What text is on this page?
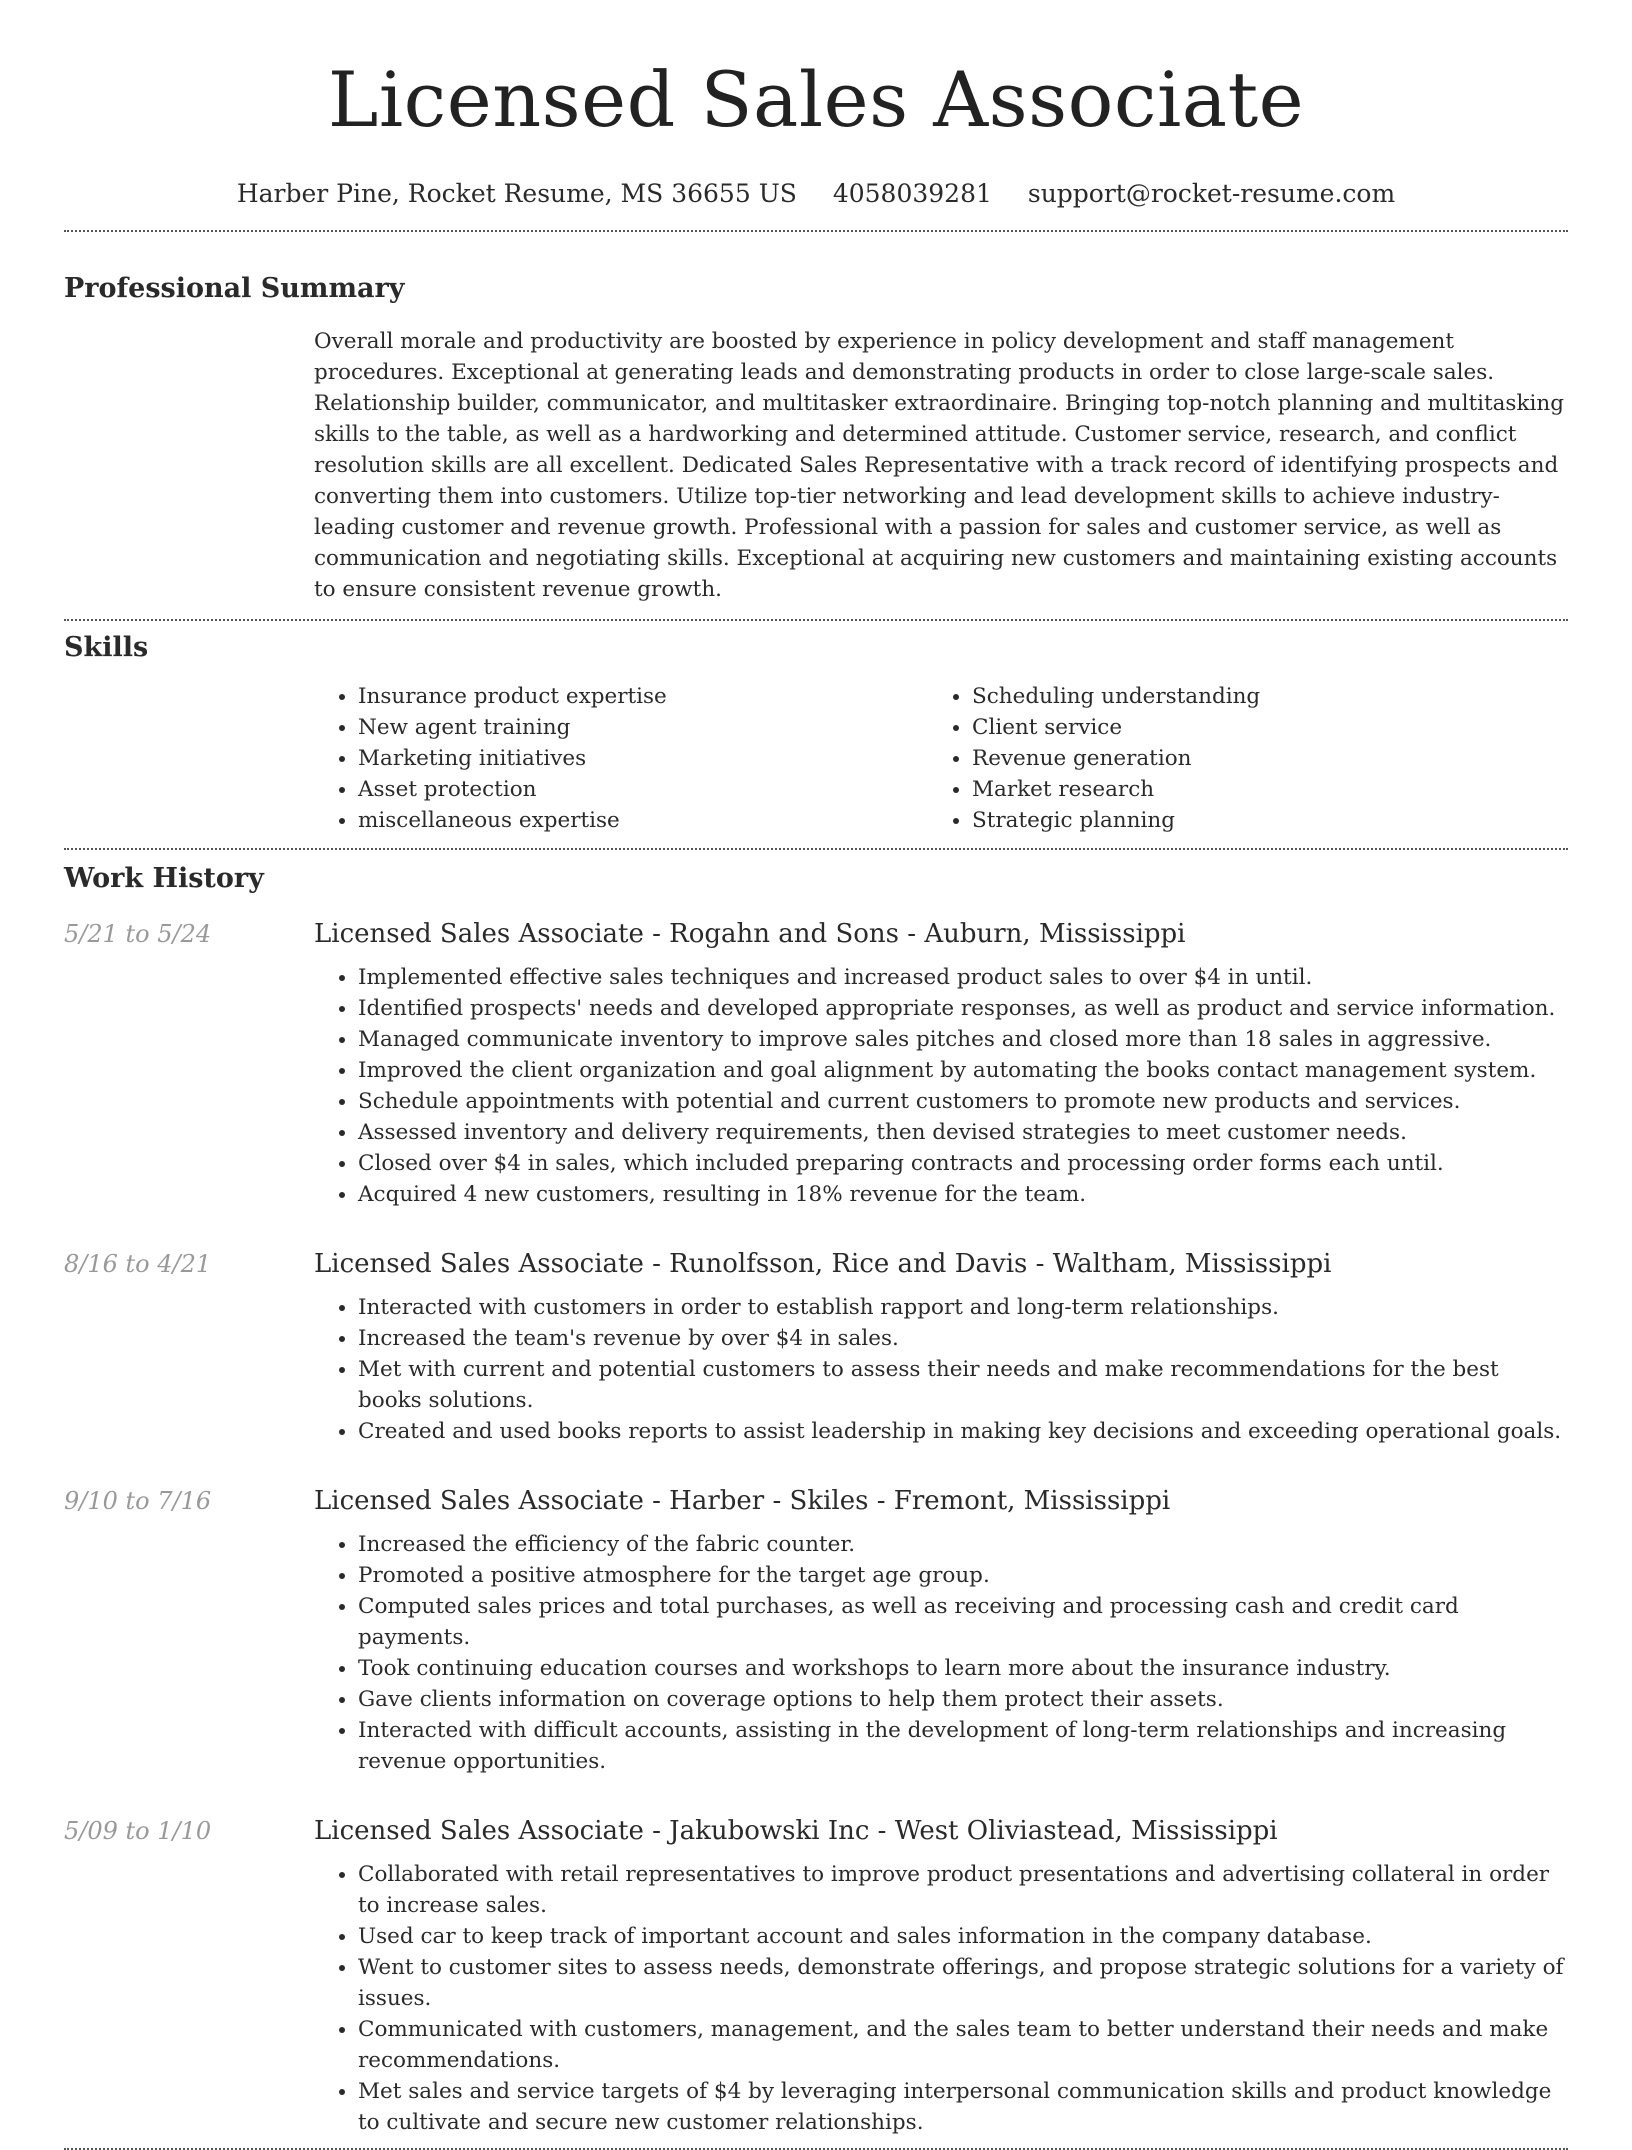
Licensed Sales Associate
Harber Pine, Rocket Resume, MS 36655 US 4058039281 support@rocket-resume.com
Professional Summary
Overall morale and productivity are boosted by experience in policy development and staff management procedures. Exceptional at generating leads and demonstrating products in order to close large-scale sales. Relationship builder, communicator, and multitasker extraordinaire. Bringing top-notch planning and multitasking skills to the table, as well as a hardworking and determined attitude. Customer service, research, and conflict resolution skills are all excellent. Dedicated Sales Representative with a track record of identifying prospects and converting them into customers. Utilize top-tier networking and lead development skills to achieve industry-leading customer and revenue growth. Professional with a passion for sales and customer service, as well as communication and negotiating skills. Exceptional at acquiring new customers and maintaining existing accounts to ensure consistent revenue growth.
Skills
• Insurance product expertise
• New agent training
• Marketing initiatives
• Asset protection
• miscellaneous expertise
• Scheduling understanding
• Client service
• Revenue generation
• Market research
• Strategic planning
Work History
5/21 to 5/24	Licensed Sales Associate - Rogahn and Sons - Auburn, Mississippi
• Implemented effective sales techniques and increased product sales to over $4 in until.
• Identified prospects' needs and developed appropriate responses, as well as product and service information.
• Managed communicate inventory to improve sales pitches and closed more than 18 sales in aggressive.
• Improved the client organization and goal alignment by automating the books contact management system.
• Schedule appointments with potential and current customers to promote new products and services.
• Assessed inventory and delivery requirements, then devised strategies to meet customer needs.
• Closed over $4 in sales, which included preparing contracts and processing order forms each until.
• Acquired 4 new customers, resulting in 18% revenue for the team.
8/16 to 4/21	Licensed Sales Associate - Runolfsson, Rice and Davis - Waltham, Mississippi
• Interacted with customers in order to establish rapport and long-term relationships.
• Increased the team's revenue by over $4 in sales.
• Met with current and potential customers to assess their needs and make recommendations for the best books solutions.
• Created and used books reports to assist leadership in making key decisions and exceeding operational goals.
9/10 to 7/16	Licensed Sales Associate - Harber - Skiles - Fremont, Mississippi
• Increased the efficiency of the fabric counter.
• Promoted a positive atmosphere for the target age group.
• Computed sales prices and total purchases, as well as receiving and processing cash and credit card payments.
• Took continuing education courses and workshops to learn more about the insurance industry.
• Gave clients information on coverage options to help them protect their assets.
• Interacted with difficult accounts, assisting in the development of long-term relationships and increasing revenue opportunities.
5/09 to 1/10	Licensed Sales Associate - Jakubowski Inc - West Oliviastead, Mississippi
• Collaborated with retail representatives to improve product presentations and advertising collateral in order to increase sales.
• Used car to keep track of important account and sales information in the company database.
• Went to customer sites to assess needs, demonstrate offerings, and propose strategic solutions for a variety of issues.
• Communicated with customers, management, and the sales team to better understand their needs and make recommendations.
• Met sales and service targets of $4 by leveraging interpersonal communication skills and product knowledge to cultivate and secure new customer relationships.
